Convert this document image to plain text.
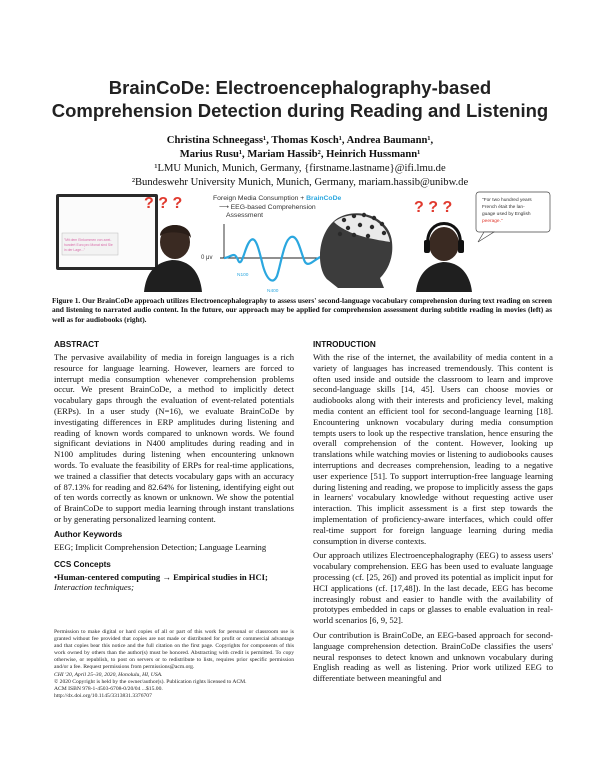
BrainCoDe: Electroencephalography-based
Comprehension Detection during Reading and Listening
Christina Schneegass¹, Thomas Kosch¹, Andrea Baumann¹,
Marius Rusu¹, Mariam Hassib², Heinrich Hussmann¹
¹LMU Munich, Munich, Germany, {firstname.lastname}@ifi.lmu.de
²Bundeswehr University Munich, Munich, Germany, mariam.hassib@unibw.de
"Mit dem Einkommen von zwei- hundert Euro pro Monat sind Sie in der Lage..."
? ? ?	Foreign Media Consumption + BrainCoDe
⟶ EEG-based Comprehension Assessment
0 μv
N100
N400
? ? ?	"For two hundred years French était the lan- guage used by English peerage."
Figure 1. Our BrainCoDe approach utilizes Electroencephalography to assess users' second-language vocabulary comprehension during text reading on screen and listening to narrated audio content. In the future, our approach may be applied for comprehension assessment during subtitle reading in movies (left) as well as for audiobooks (right).
ABSTRACT

The pervasive availability of media in foreign languages is a rich resource for language learning. However, learners are forced to interrupt media consumption whenever comprehension problems occur. We present BrainCoDe, a method to implicitly detect vocabulary gaps through the evaluation of event-related potentials (ERPs). In a user study (N=16), we evaluate BrainCoDe by investigating differences in ERP amplitudes during listening and reading of known words compared to unknown words. We found significant deviations in N400 amplitudes during reading and in N100 amplitudes during listening when encountering unknown words. To evaluate the feasibility of ERPs for real-time applications, we trained a classifier that detects vocabulary gaps with an accuracy of 87.13% for reading and 82.64% for listening, identifying eight out of ten words correctly as known or unknown. We show the potential of BrainCoDe to support media learning through instant translations or by generating personalized learning content.

Author Keywords

EEG; Implicit Comprehension Detection; Language Learning

CCS Concepts
•Human-centered computing → Empirical studies in HCI;
Interaction techniques;
Permission to make digital or hard copies of all or part of this work for personal or classroom use is granted without fee provided that copies are not made or distributed for profit or commercial advantage and that copies bear this notice and the full citation on the first page. Copyrights for components of this work owned by others than the author(s) must be honored. Abstracting with credit is permitted. To copy otherwise, or republish, to post on servers or to redistribute to lists, requires prior specific permission and/or a fee. Request permissions from permissions@acm.org.
CHI '20, April 25–30, 2020, Honolulu, HI, USA.
© 2020 Copyright is held by the owner/author(s). Publication rights licensed to ACM.
ACM ISBN 978-1-4503-6708-0/20/04 ...$15.00.
http://dx.doi.org/10.1145/3313831.3376707
INTRODUCTION

With the rise of the internet, the availability of media content in a variety of languages has increased tremendously. This content is often used inside and outside the classroom to learn and improve second-language skills [14, 45]. Users can choose movies or audiobooks along with their interests and proficiency level, making media content an efficient tool for second-language learning [18]. Encountering unknown vocabulary during media consumption tempts users to look up the respective translation, hence ensuring the overall comprehension of the content. However, looking up translations while watching movies or listening to audiobooks causes interruptions and decreases comprehension, leading to a negative user experience [51]. To support interruption-free language learning during listening and reading, we propose to implicitly assess the gaps in learners' vocabulary knowledge without requesting active user interaction. This implicit assessment is a first step towards the implementation of proficiency-aware interfaces, which could offer real-time support for foreign language learning during media consumption in diverse contexts.

Our approach utilizes Electroencephalography (EEG) to assess users' vocabulary comprehension. EEG has been used to evaluate language processing (cf. [25, 26]) and proved its potential as implicit input for HCI applications (cf. [17,48]). In the last decade, EEG has become increasingly robust and easier to handle with the availability of prototypes embedded in caps or glasses to enable evaluation in real-world scenarios [6, 9, 52].

Our contribution is BrainCoDe, an EEG-based approach for second-language comprehension detection. BrainCoDe classifies the users' neural responses to detect known and unknown vocabulary during English reading as well as listening. Prior work utilized EEG to differentiate between meaningful and
